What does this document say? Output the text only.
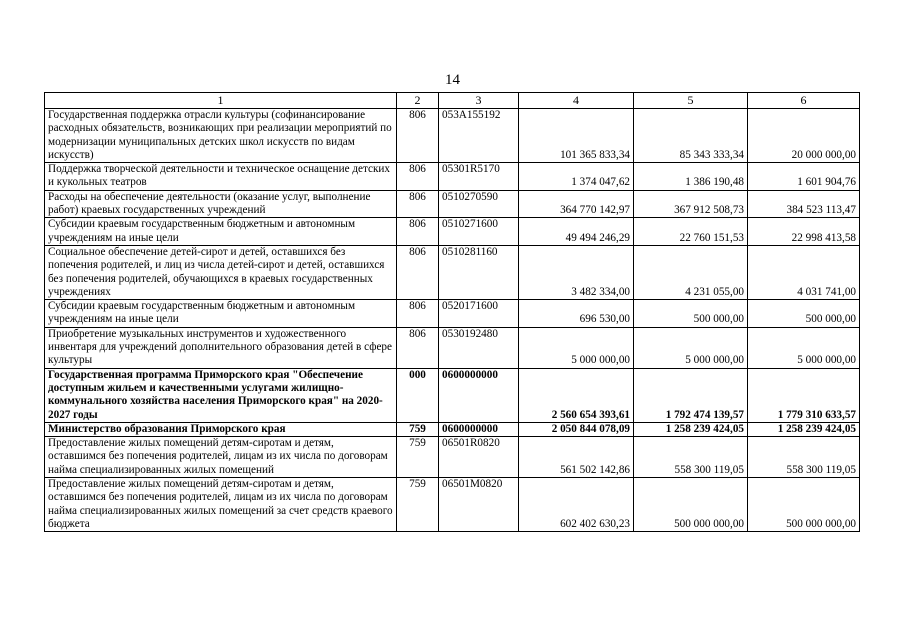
14
1	2	3	4	5	6
Государственная поддержка отрасли культуры (софинансирование расходных обязательств, возникающих при реализации мероприятий по модернизации муниципальных детских школ искусств по видам искусств)	806	053A155192	101 365 833,34	85 343 333,34	20 000 000,00
Поддержка творческой деятельности и техническое оснащение детских и кукольных театров	806	05301R5170	1 374 047,62	1 386 190,48	1 601 904,76
Расходы на обеспечение деятельности (оказание услуг, выполнение работ) краевых государственных учреждений	806	0510270590	364 770 142,97	367 912 508,73	384 523 113,47
Субсидии краевым государственным бюджетным и автономным учреждениям на иные цели	806	0510271600	49 494 246,29	22 760 151,53	22 998 413,58
Социальное обеспечение детей-сирот и детей, оставшихся без попечения родителей, и лиц из числа детей-сирот и детей, оставшихся без попечения родителей, обучающихся в краевых государственных учреждениях	806	0510281160	3 482 334,00	4 231 055,00	4 031 741,00
Субсидии краевым государственным бюджетным и автономным учреждениям на иные цели	806	0520171600	696 530,00	500 000,00	500 000,00
Приобретение музыкальных инструментов и художественного инвентаря для учреждений дополнительного образования детей в сфере культуры	806	0530192480	5 000 000,00	5 000 000,00	5 000 000,00
Государственная программа Приморского края "Обеспечение доступным жильем и качественными услугами жилищно-коммунального хозяйства населения Приморского края" на 2020-2027 годы	000	0600000000	2 560 654 393,61	1 792 474 139,57	1 779 310 633,57
Министерство образования Приморского края	759	0600000000	2 050 844 078,09	1 258 239 424,05	1 258 239 424,05
Предоставление жилых помещений детям-сиротам и детям, оставшимся без попечения родителей, лицам из их числа по договорам найма специализированных жилых помещений	759	06501R0820	561 502 142,86	558 300 119,05	558 300 119,05
Предоставление жилых помещений детям-сиротам и детям, оставшимся без попечения родителей, лицам из их числа по договорам найма специализированных жилых помещений за счет средств краевого бюджета	759	06501M0820	602 402 630,23	500 000 000,00	500 000 000,00
